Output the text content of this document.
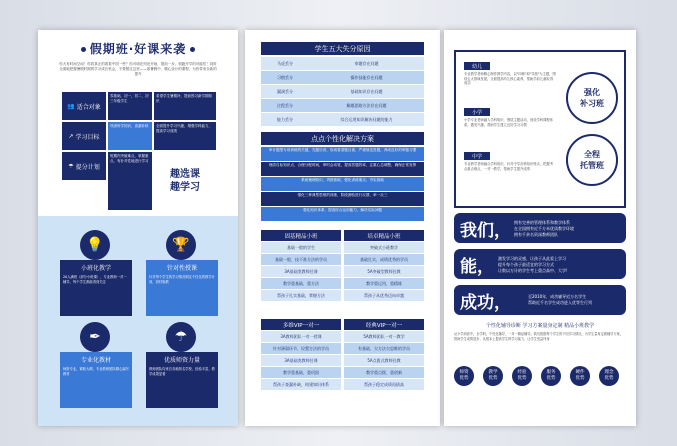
假期班·好课来袭
你大有时间空闲！你将真正的看看中国一些？你可明在何处开始，提前一步，领跑开学的可能性！同时全面地把握暑假时期的学习成长机会，不要错过这里——寒暑假中，精心设计的课程，为你带来全新的提升
👥 适合对象
零基础，初一，初二，初三年级学生
希望学生暑期补，提前预习新学期知识
↗ 学习目标
巩固所学知识，查漏补缺	全面提升学习兴趣，增强学科能力，提高学习成绩
☂ 提分计划
短期内突破难点，掌握重点，有针对性地进行学习
趣选课
趣学习
💡
小班化教学
20人满班（部分小班课），专业教师一对一辅导，每个学生都能得到关注
🏆
针对性授课
针对每个学生的学习情况制定个性化的教学计划，因材施教
✒
专业化教材
师资专业，紧贴大纲，专业教研团队精心编写教材
☂
优质师资力量
教师团队均来自各地知名学校，经验丰富，教学成果显著
学生五大失分原因
马虎丢分	审题存在问题
习惯丢分	操作技能存在问题
漏洞丢分	基础知识存在问题
过程丢分	解题思路方法存在问题
能力丢分	综合运用知识解决问题的能力
点点个性化解决方案
审计题型专项训练的关键，先题后讲，形成看清题目意，严谨规范答题，养成良好的审题习惯
理清自标知识点，合理分配时间，审时会动笔，提高答题效率，注重心态调整，确保正常发挥
系统梳理知识，巩固基础，强化训练重点，夯实基础
强化三种典型思维的训练，阶段测验进行反馈，举一反三
强化知识体系，提高综合运用能力，解决实际问题
固基精品小班	培卓精品小班
基础一般的学生	突破式小班教学
基础一般，技不准方法的学员	基础扎实，成绩优秀的学员
3A基础类教师任课	5A突破型教师任教
教学重基础，重方法	教学重运用，重精练
帮孩子扎实基础，掌握方法	帮孩子从优秀迈向卓越
多维VIP一对一	经典VIP一对一
3A教师团队一对一授课	5A教师团队一对一教学
针对薄弱环节，设置方法的学员	有基础，欠方法欠思维的学员
3A基础类教师任课	5A点拨式教师任教
教学重基础，重巩固	教学重点拨，重创新
帮孩子查漏补缺，构建知识体系	帮孩子稳定成绩再拔高
幼儿
专业教学老师精心制作教学内容，以"四种"和"导游"为主题，围绕五大领域发展，全面提高幼儿核心素养，帮助学前儿童取得成功
小学
小学专业老师融入学科知识，围绕主题活动，创设学科课程体系，激发兴趣，帮助学生建立良好学习习惯
中学
专业教学老师融合学科知识，针对中学各科知识特点，把握考点重点难点，一对一教学，帮助学生提升成绩
强化
补习班
全程
托管班
我们， 拥有完善的管理体系和教学体系
在全国拥有近千方米优质教学环境
拥有千余名资深教师团队
能， 激发学习的灵感，让孩子从此爱上学习
提升每个孩子最适宜的学习方式
让数以万计的学生考上重点高中、大学!
成功，	至2010年，成功辅导近万名学生
帮助近千名学生成功进入优等生行列
个性化辅导诊断 学习方案量身定制 精品小班教学
从小学到高中，全学科，个性化辅导，一对一精品辅导。我们根据每个学生的不同学习情况，为学生量身定做辅导方案，帮助学生成绩进步，从根本上提高学生的学习能力，让学生受益终身
师资
优势
教学
优势
经验
优势
服务
优势
硬件
优势
理念
优势
